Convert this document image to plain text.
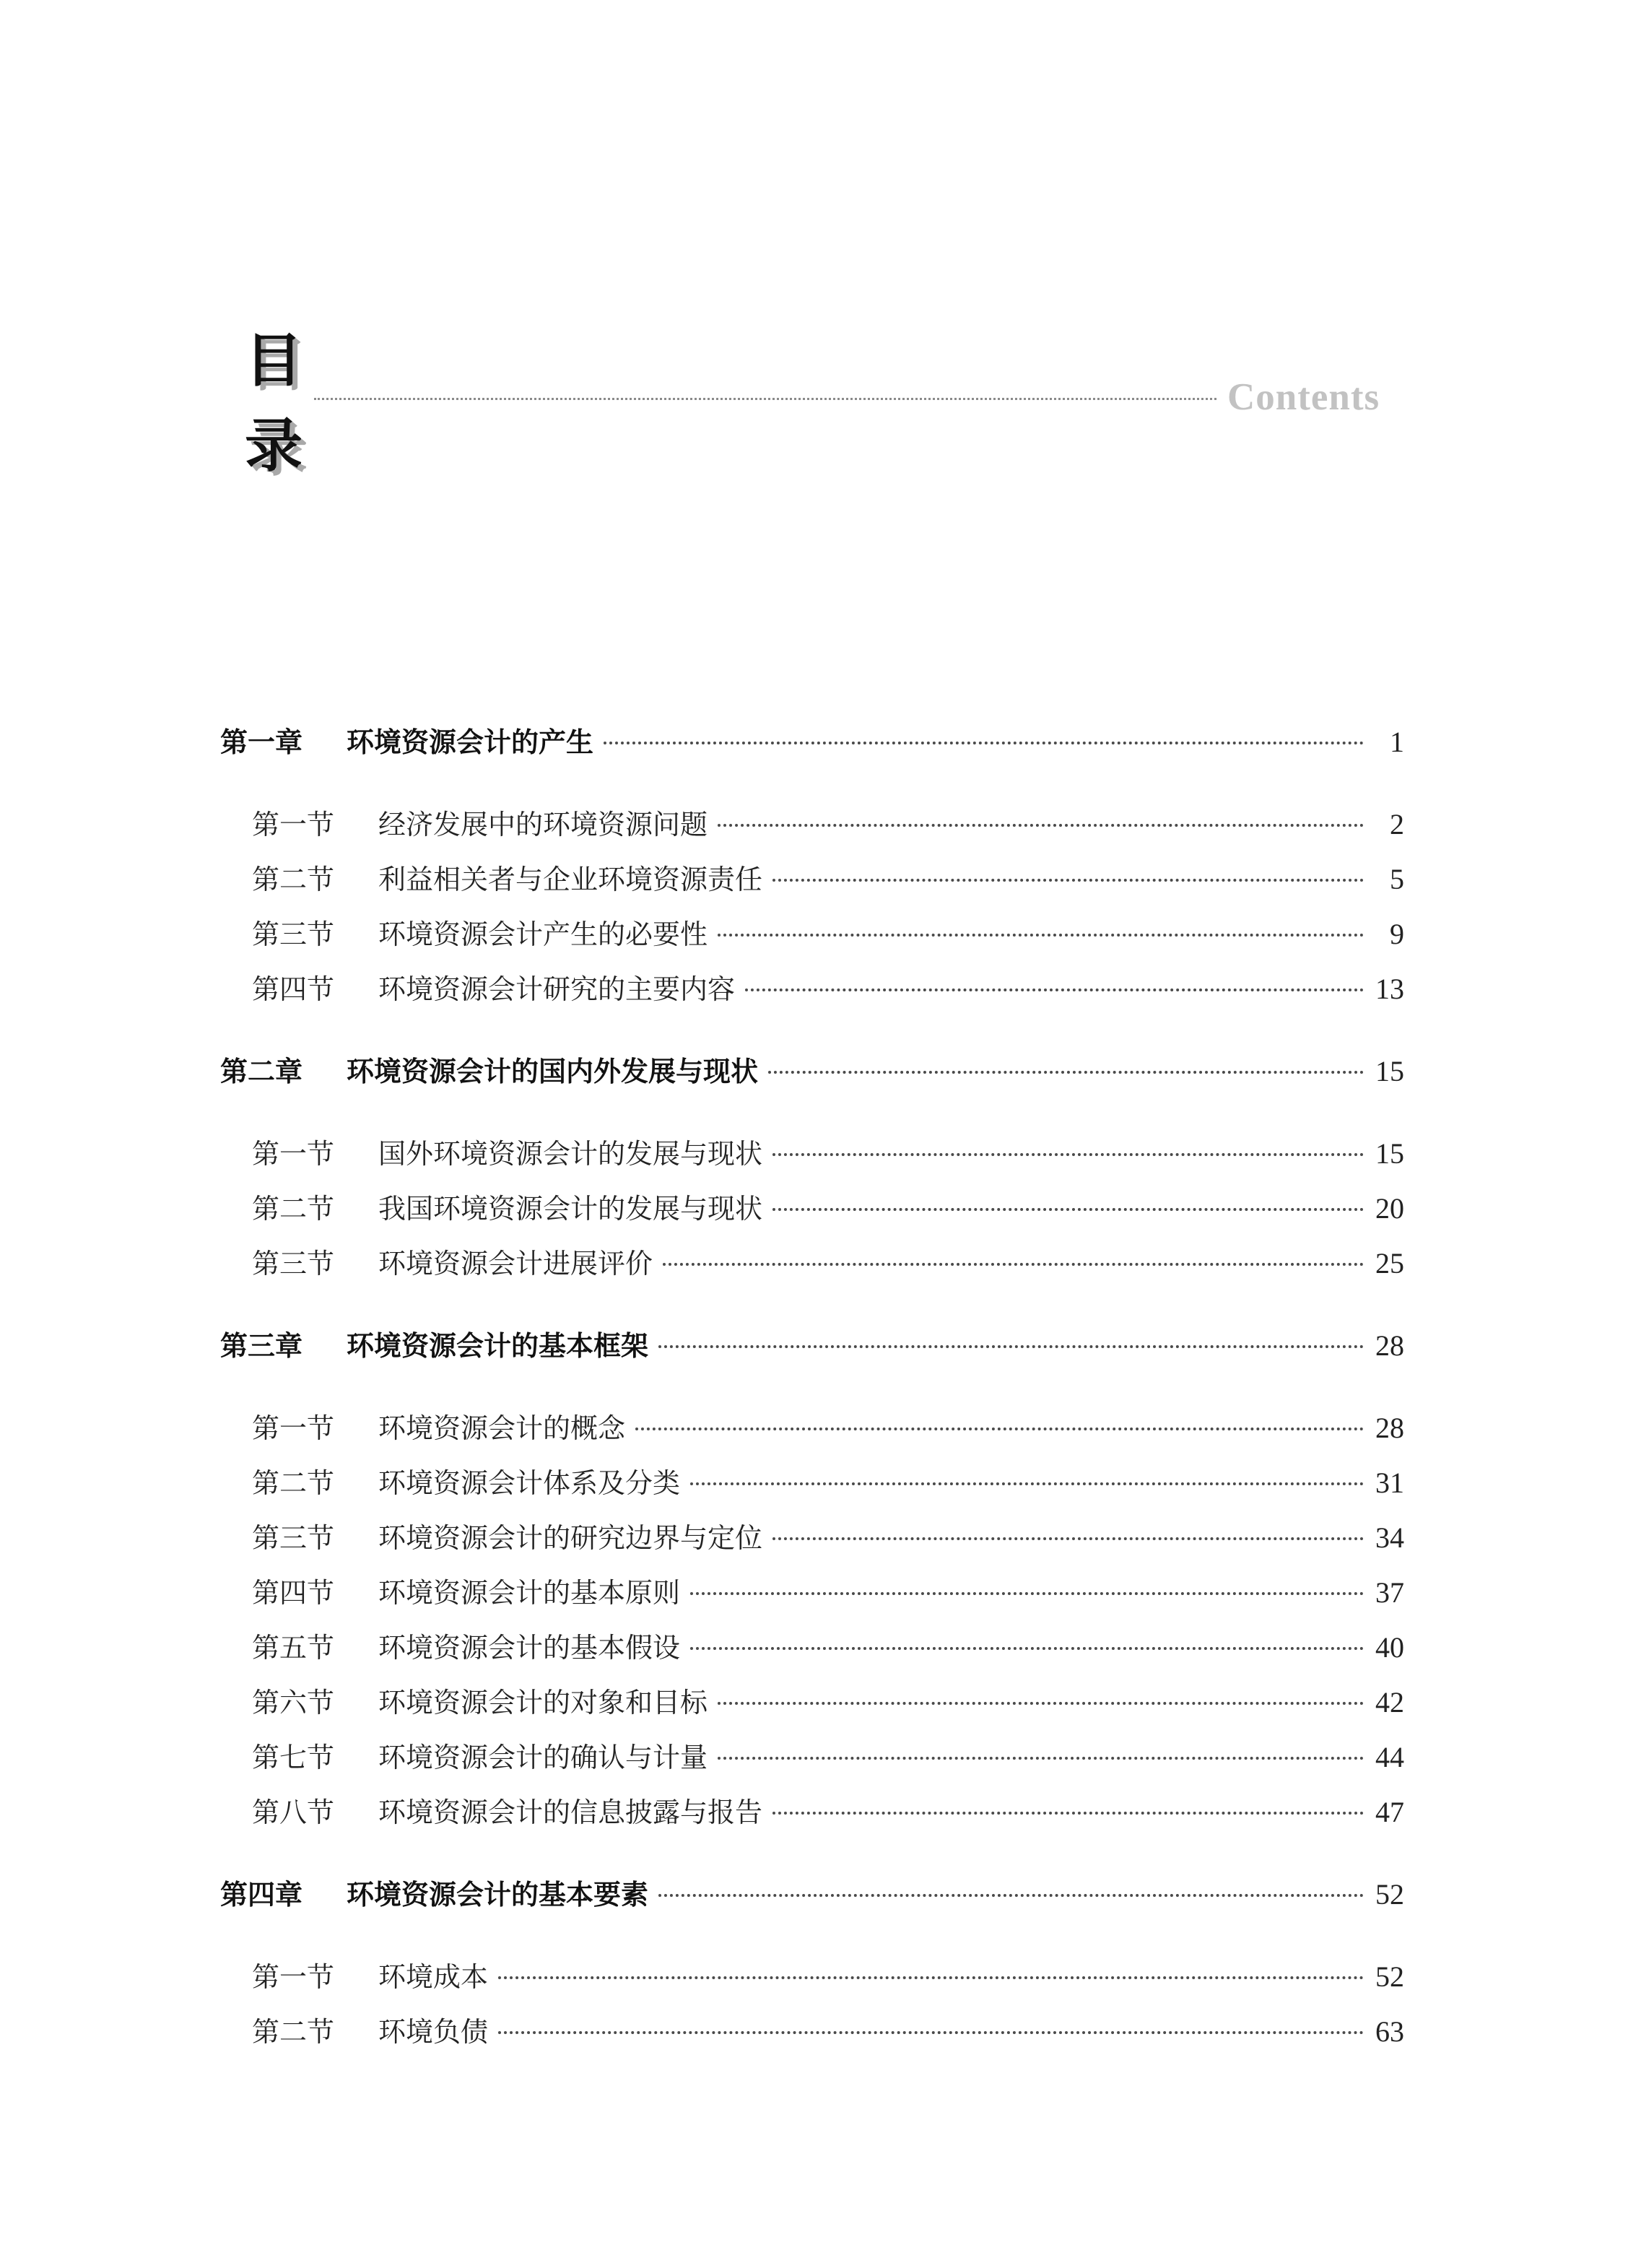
目
录
Contents
第一章	环境资源会计的产生	1
第一节	经济发展中的环境资源问题	2
第二节	利益相关者与企业环境资源责任	5
第三节	环境资源会计产生的必要性	9
第四节	环境资源会计研究的主要内容	13
第二章	环境资源会计的国内外发展与现状	15
第一节	国外环境资源会计的发展与现状	15
第二节	我国环境资源会计的发展与现状	20
第三节	环境资源会计进展评价	25
第三章	环境资源会计的基本框架	28
第一节	环境资源会计的概念	28
第二节	环境资源会计体系及分类	31
第三节	环境资源会计的研究边界与定位	34
第四节	环境资源会计的基本原则	37
第五节	环境资源会计的基本假设	40
第六节	环境资源会计的对象和目标	42
第七节	环境资源会计的确认与计量	44
第八节	环境资源会计的信息披露与报告	47
第四章	环境资源会计的基本要素	52
第一节	环境成本	52
第二节	环境负债	63
